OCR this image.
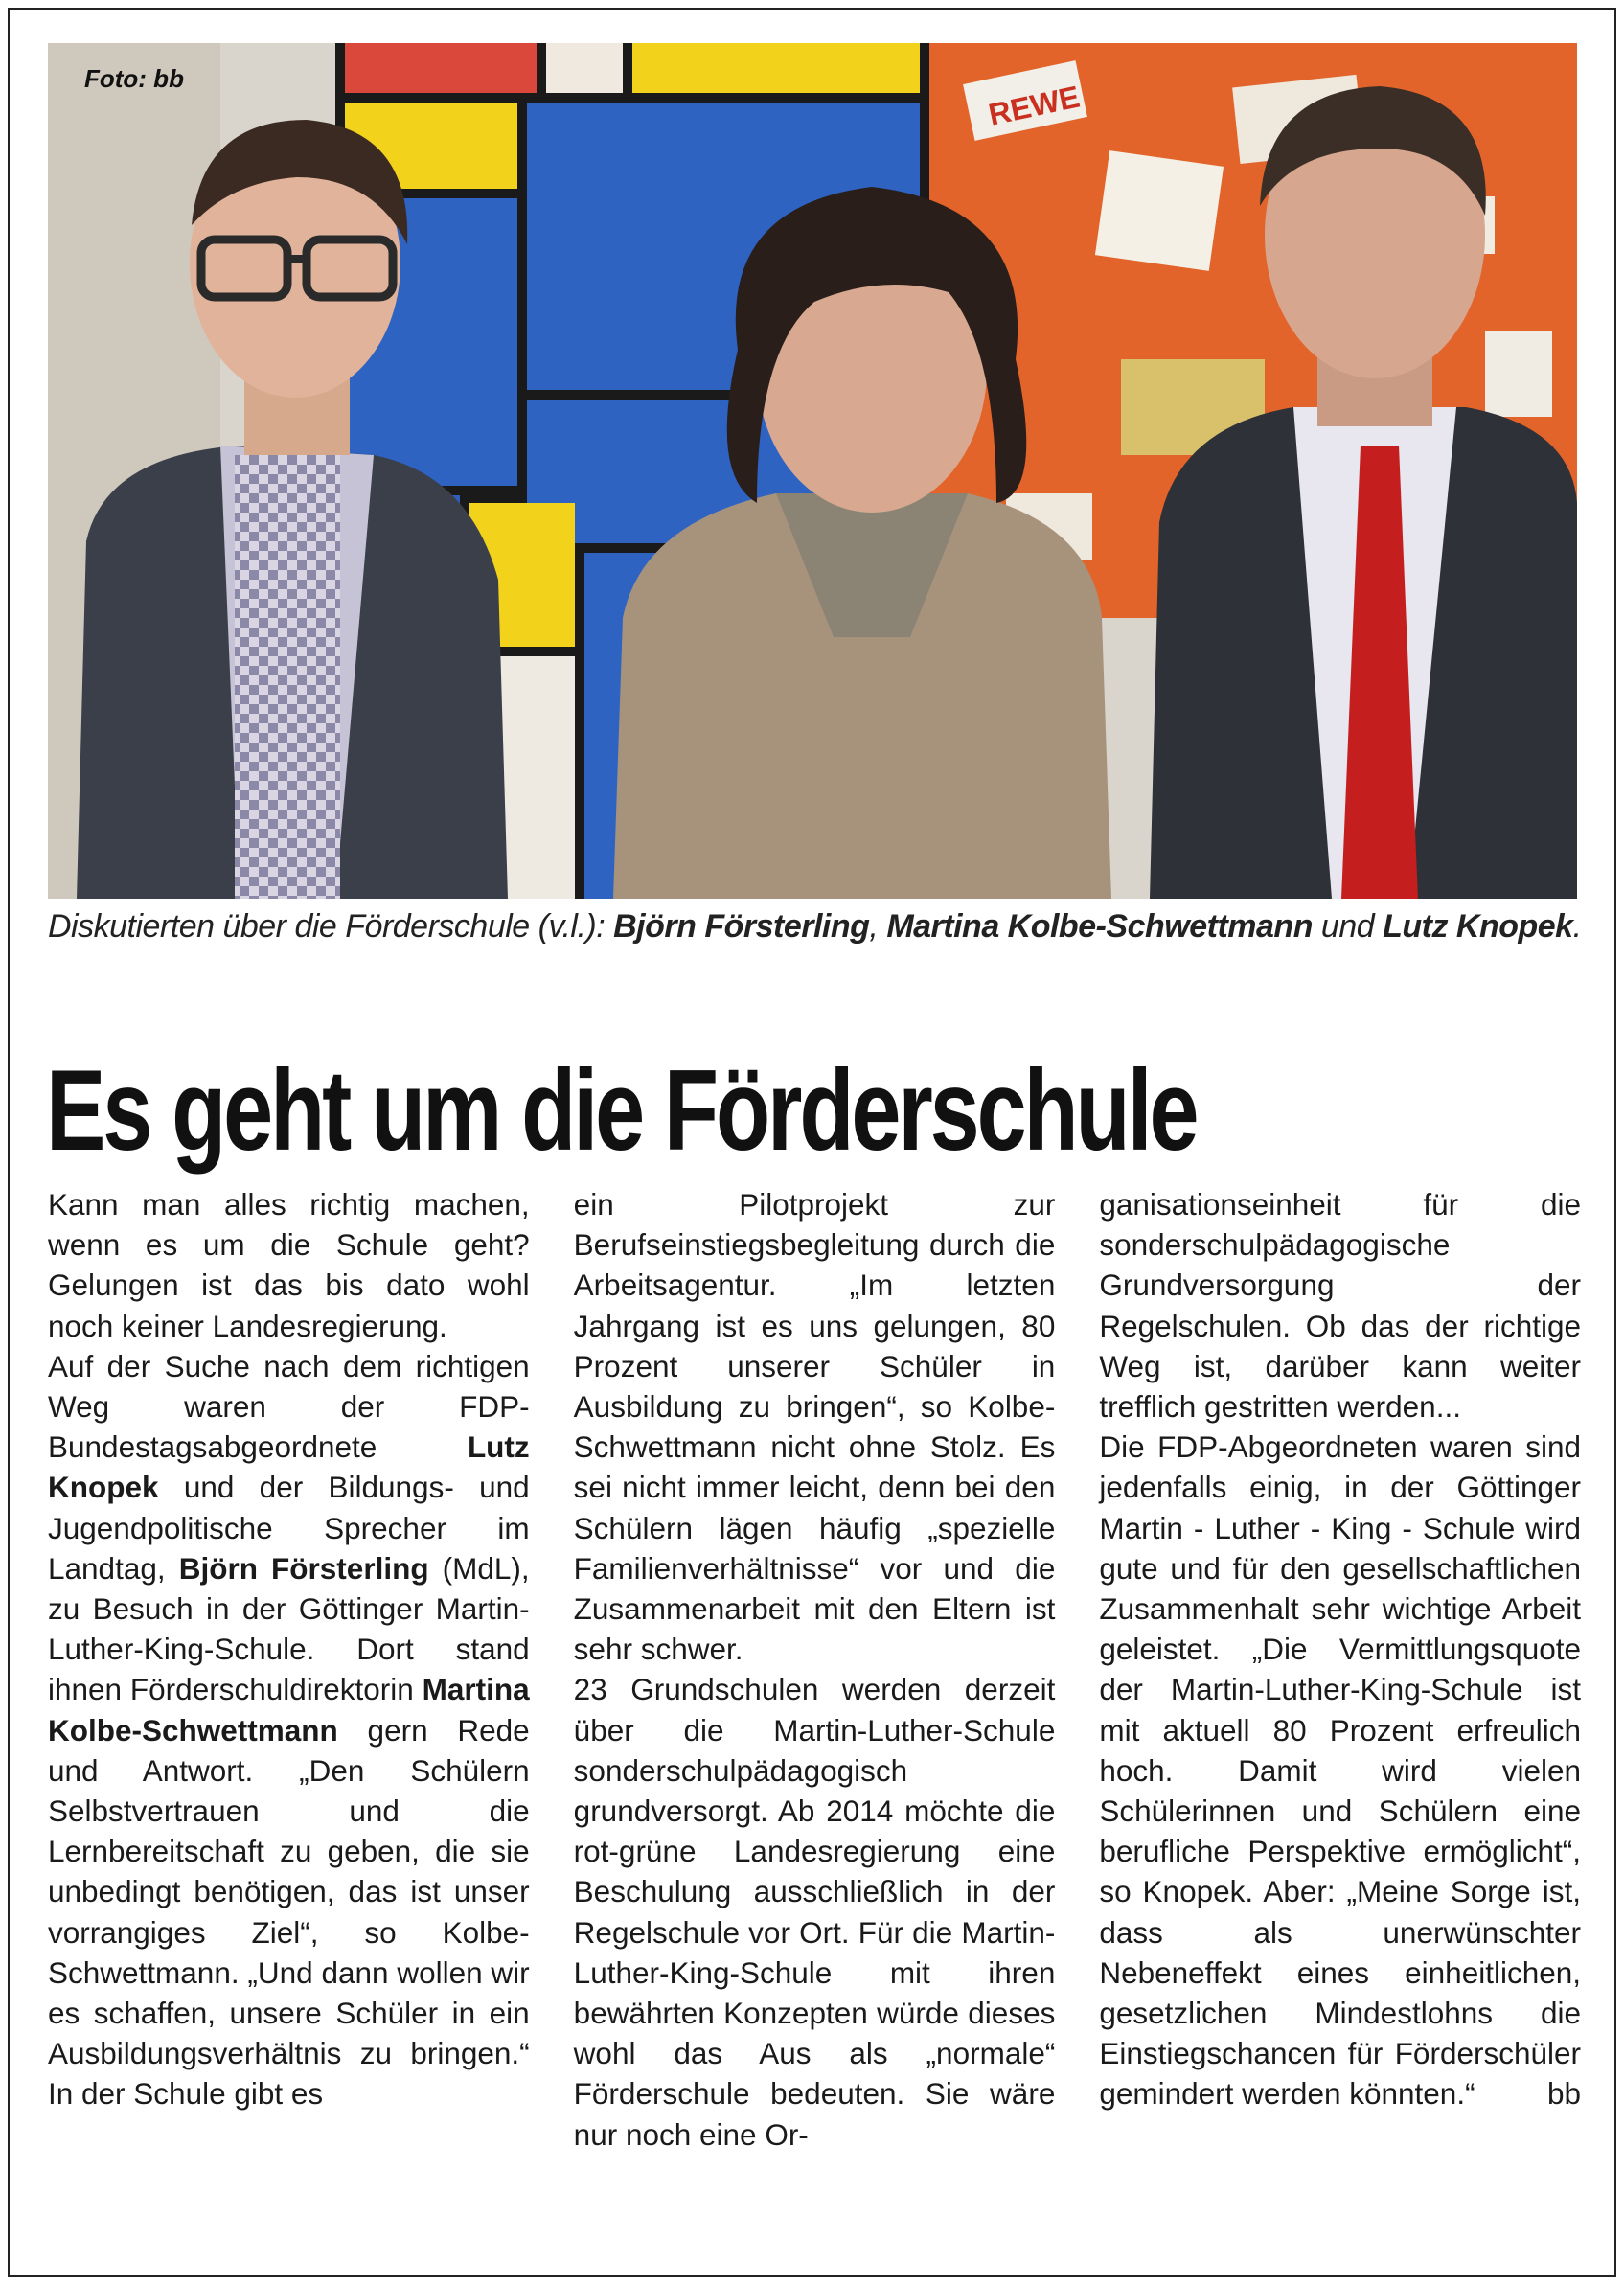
REWE
Foto: bb
Diskutierten über die Förderschule (v.l.): Björn Försterling, Martina Kolbe-Schwettmann und Lutz Knopek.
Es geht um die Förderschule

Kann man alles richtig machen, wenn es um die Schule geht? Gelungen ist das bis dato wohl noch keiner Landesregierung.

Auf der Suche nach dem richtigen Weg waren der FDP-Bundestagsabgeordnete Lutz Knopek und der Bildungs- und Jugendpolitische Sprecher im Landtag, Björn Försterling (MdL), zu Besuch in der Göttinger Martin-Luther-King-Schule. Dort stand ihnen Förderschuldirektorin Martina Kolbe-Schwettmann gern Rede und Antwort. „Den Schülern Selbstvertrauen und die Lernbereitschaft zu geben, die sie unbedingt benötigen, das ist unser vorrangiges Ziel“, so Kolbe-Schwettmann. „Und dann wollen wir es schaffen, unsere Schüler in ein Ausbildungsverhältnis zu bringen.“ In der Schule gibt es

ein Pilotprojekt zur Berufseinstiegsbegleitung durch die Arbeitsagentur. „Im letzten Jahrgang ist es uns gelungen, 80 Prozent unserer Schüler in Ausbildung zu bringen“, so Kolbe-Schwettmann nicht ohne Stolz. Es sei nicht immer leicht, denn bei den Schülern lägen häufig „spezielle Familienverhältnisse“ vor und die Zusammenarbeit mit den Eltern ist sehr schwer.

23 Grundschulen werden derzeit über die Martin-Luther-Schule sonderschulpädagogisch grundversorgt. Ab 2014 möchte die rot-grüne Landesregierung eine Beschulung ausschließlich in der Regelschule vor Ort. Für die Martin-Luther-King-Schule mit ihren bewährten Konzepten würde dieses wohl das Aus als „normale“ Förderschule bedeuten. Sie wäre nur noch eine Or-

ganisationseinheit für die sonderschulpädagogische Grundversorgung der Regelschulen. Ob das der richtige Weg ist, darüber kann weiter trefflich gestritten werden...

Die FDP-Abgeordneten waren sind jedenfalls einig, in der Göttinger Martin - Luther - King - Schule wird gute und für den gesellschaftlichen Zusammenhalt sehr wichtige Arbeit geleistet. „Die Vermittlungsquote der Martin-Luther-King-Schule ist mit aktuell 80 Prozent erfreulich hoch. Damit wird vielen Schülerinnen und Schülern eine berufliche Perspektive ermöglicht“, so Knopek. Aber: „Meine Sorge ist, dass als unerwünschter Nebeneffekt eines einheitlichen, gesetzlichen Mindestlohns die Einstiegschancen für Förderschüler gemindert werden könnten.“ bb
